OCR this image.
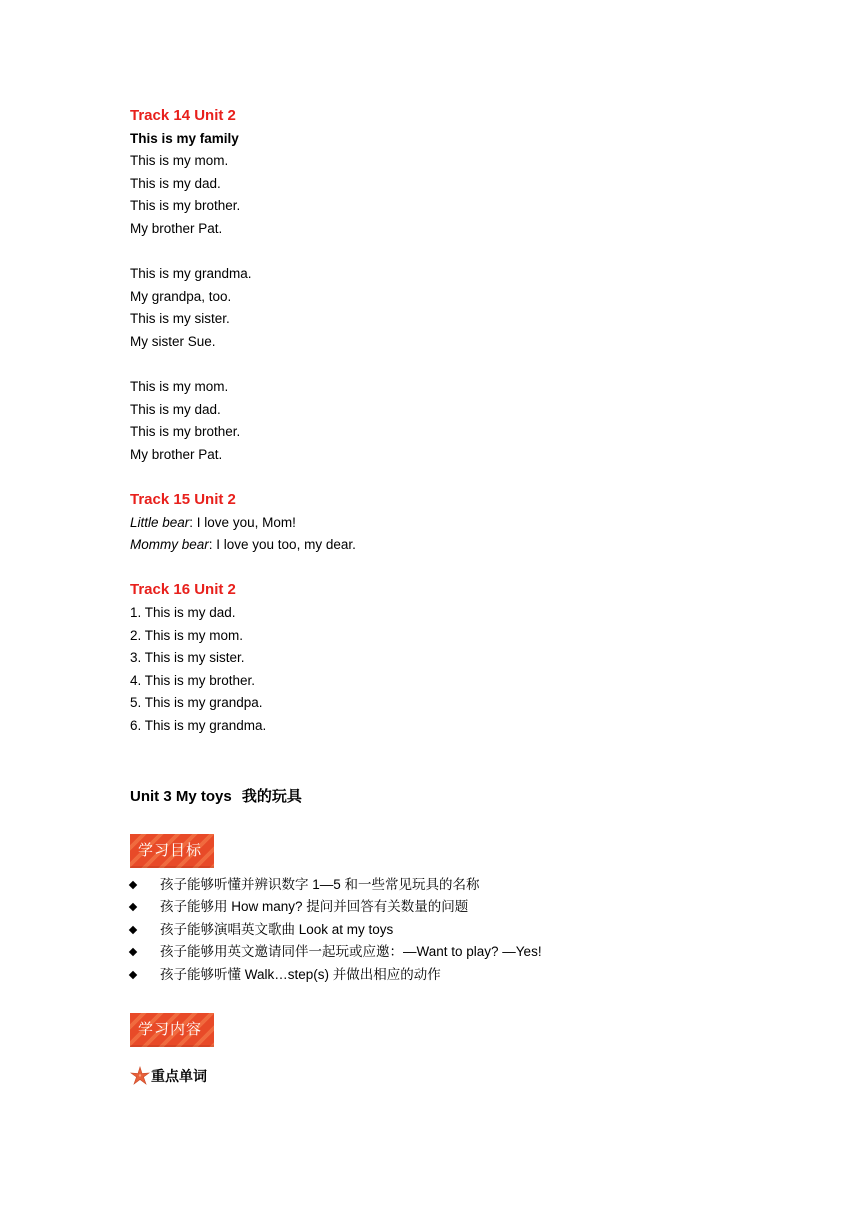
Track 14 Unit 2
This is my family
This is my mom.
This is my dad.
This is my brother.
My brother Pat.
This is my grandma.
My grandpa, too.
This is my sister.
My sister Sue.
This is my mom.
This is my dad.
This is my brother.
My brother Pat.
Track 15 Unit 2
Little bear: I love you, Mom!
Mommy bear: I love you too, my dear.
Track 16 Unit 2
1. This is my dad.
2. This is my mom.
3. This is my sister.
4. This is my brother.
5. This is my grandpa.
6. This is my grandma.
Unit 3 My toys 我的玩具
学习目标
孩子能够听懂并辨识数字 1—5 和一些常见玩具的名称
孩子能够用 How many? 提问并回答有关数量的问题
孩子能够演唱英文歌曲 Look at my toys
孩子能够用英文邀请同伴一起玩或应邀：—Want to play? —Yes!
孩子能够听懂 Walk…step(s) 并做出相应的动作
学习内容
重点单词
